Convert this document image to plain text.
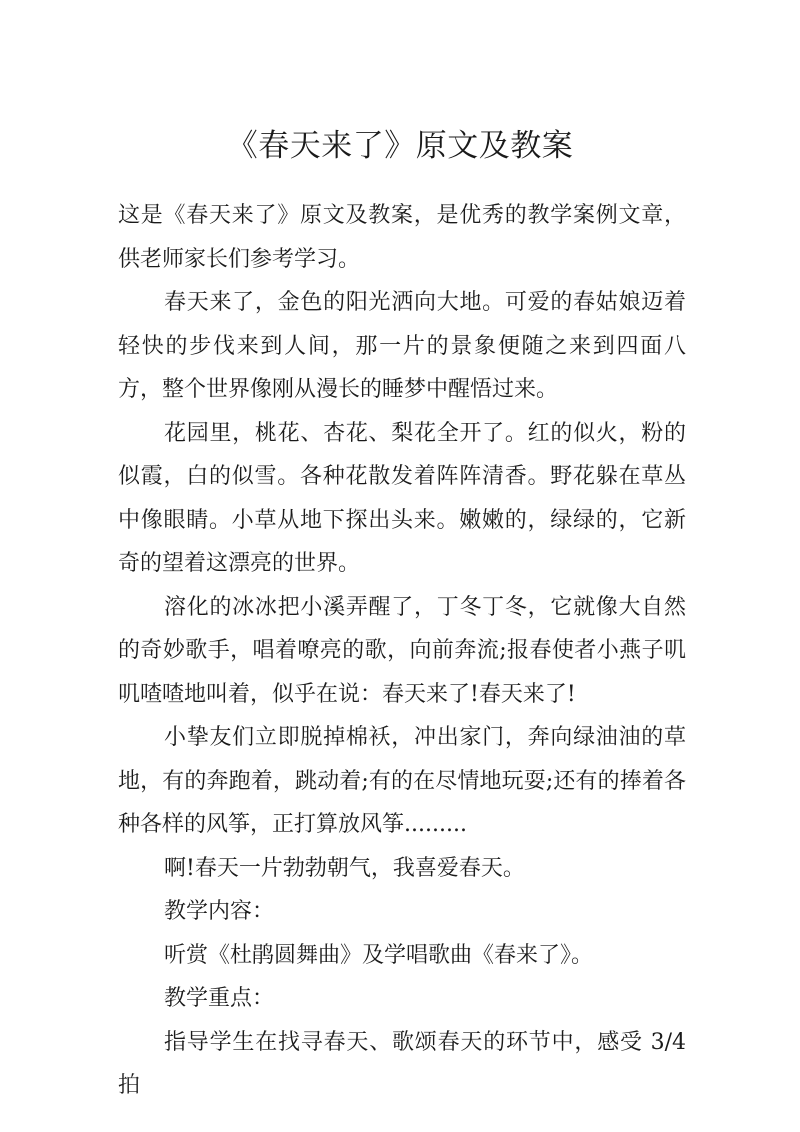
《春天来了》原文及教案

这是《春天来了》原文及教案，是优秀的教学案例文章，供老师家长们参考学习。

春天来了，金色的阳光洒向大地。可爱的春姑娘迈着轻快的步伐来到人间，那一片的景象便随之来到四面八方，整个世界像刚从漫长的睡梦中醒悟过来。

花园里，桃花、杏花、梨花全开了。红的似火，粉的似霞，白的似雪。各种花散发着阵阵清香。野花躲在草丛中像眼睛。小草从地下探出头来。嫩嫩的，绿绿的，它新奇的望着这漂亮的世界。

溶化的冰冰把小溪弄醒了，丁冬丁冬，它就像大自然的奇妙歌手，唱着嘹亮的歌，向前奔流;报春使者小燕子叽叽喳喳地叫着，似乎在说：春天来了!春天来了!

小挚友们立即脱掉棉袄，冲出家门，奔向绿油油的草地，有的奔跑着，跳动着;有的在尽情地玩耍;还有的捧着各种各样的风筝，正打算放风筝.........

啊!春天一片勃勃朝气，我喜爱春天。

教学内容：

听赏《杜鹃圆舞曲》及学唱歌曲《春来了》。

教学重点：

指导学生在找寻春天、歌颂春天的环节中，感受 3/4 拍
